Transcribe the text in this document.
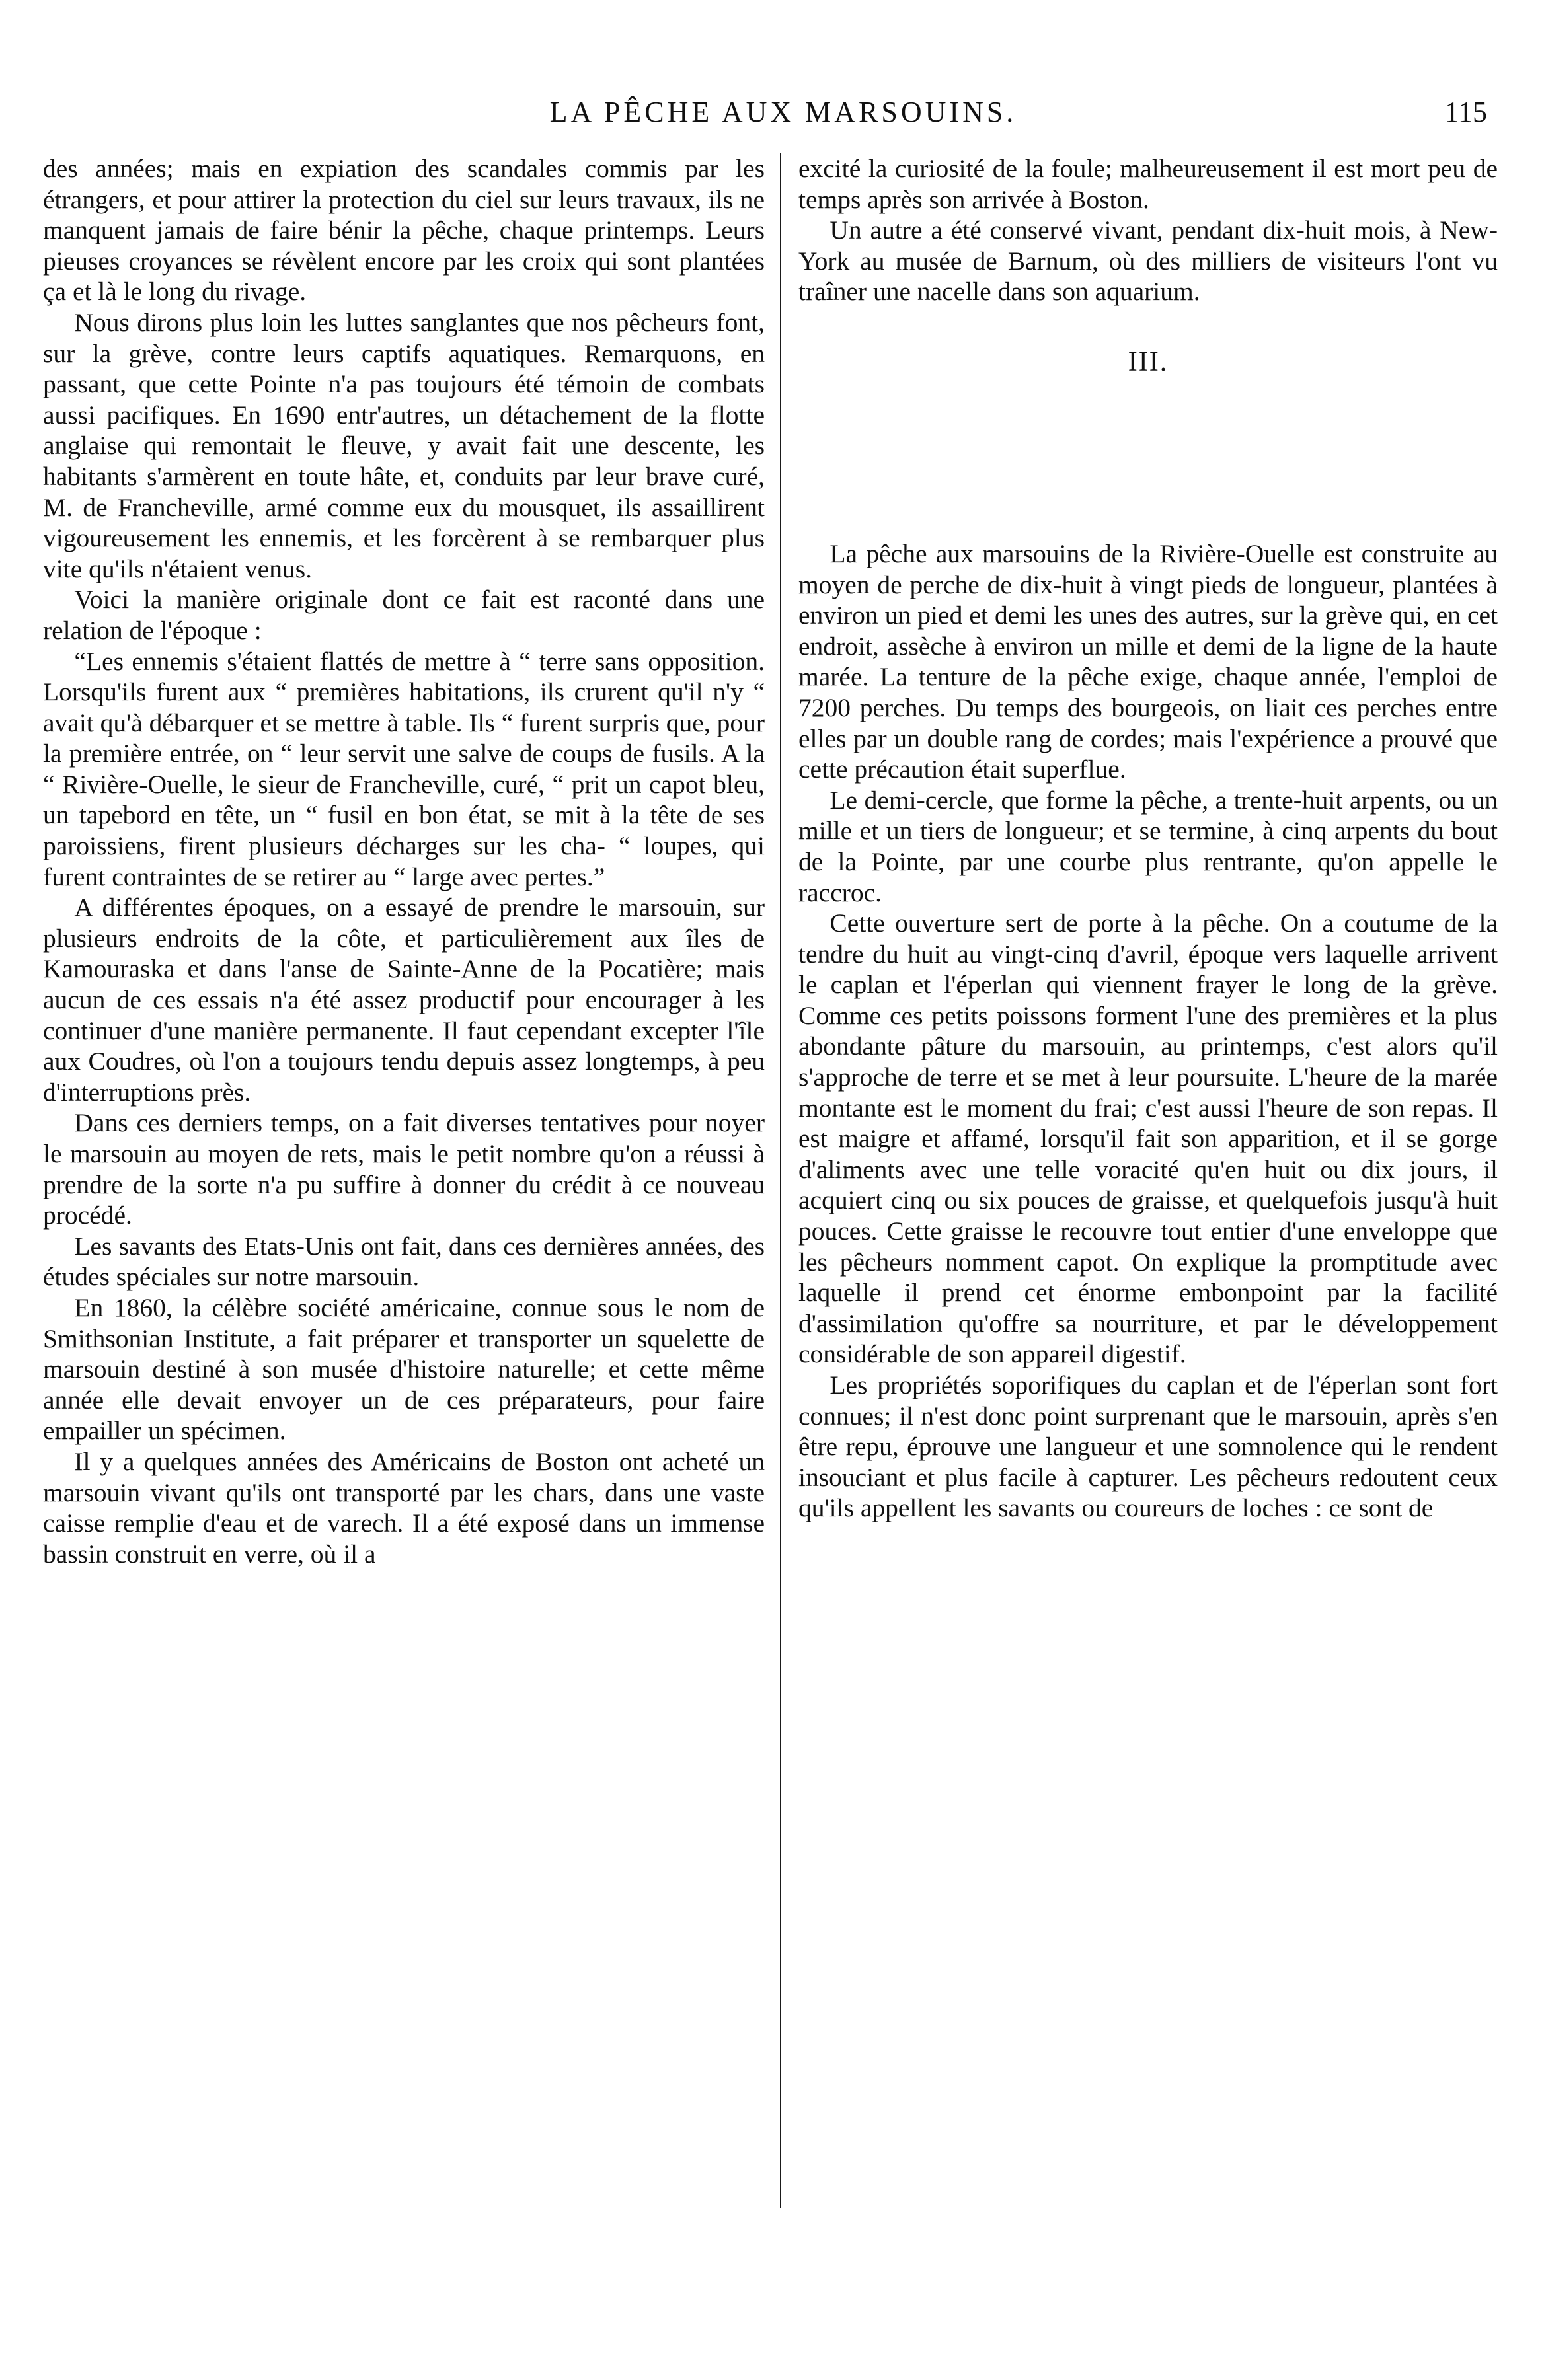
LA PÊCHE AUX MARSOUINS.	115

des années; mais en expiation des scandales commis par les étrangers, et pour attirer la protection du ciel sur leurs travaux, ils ne manquent jamais de faire bénir la pêche, chaque printemps. Leurs pieuses croyances se révèlent encore par les croix qui sont plantées ça et là le long du rivage.

Nous dirons plus loin les luttes sanglantes que nos pêcheurs font, sur la grève, contre leurs captifs aquatiques. Remarquons, en passant, que cette Pointe n'a pas toujours été témoin de combats aussi pacifiques. En 1690 entr'autres, un détachement de la flotte anglaise qui remontait le fleuve, y avait fait une descente, les habitants s'armèrent en toute hâte, et, conduits par leur brave curé, M. de Francheville, armé comme eux du mousquet, ils assaillirent vigoureusement les ennemis, et les forcèrent à se rembarquer plus vite qu'ils n'étaient venus.

Voici la manière originale dont ce fait est raconté dans une relation de l'époque :

“Les ennemis s'étaient flattés de mettre à “ terre sans opposition. Lorsqu'ils furent aux “ premières habitations, ils crurent qu'il n'y “ avait qu'à débarquer et se mettre à table. Ils “ furent surpris que, pour la première entrée, on “ leur servit une salve de coups de fusils. A la “ Rivière-Ouelle, le sieur de Francheville, curé, “ prit un capot bleu, un tapebord en tête, un “ fusil en bon état, se mit à la tête de ses paroissiens, firent plusieurs décharges sur les cha- “ loupes, qui furent contraintes de se retirer au “ large avec pertes.”

A différentes époques, on a essayé de prendre le marsouin, sur plusieurs endroits de la côte, et particulièrement aux îles de Kamouraska et dans l'anse de Sainte-Anne de la Pocatière; mais aucun de ces essais n'a été assez productif pour encourager à les continuer d'une manière permanente. Il faut cependant excepter l'île aux Coudres, où l'on a toujours tendu depuis assez longtemps, à peu d'interruptions près.

Dans ces derniers temps, on a fait diverses tentatives pour noyer le marsouin au moyen de rets, mais le petit nombre qu'on a réussi à prendre de la sorte n'a pu suffire à donner du crédit à ce nouveau procédé.

Les savants des Etats-Unis ont fait, dans ces dernières années, des études spéciales sur notre marsouin.

En 1860, la célèbre société américaine, connue sous le nom de Smithsonian Institute, a fait préparer et transporter un squelette de marsouin destiné à son musée d'histoire naturelle; et cette même année elle devait envoyer un de ces préparateurs, pour faire empailler un spécimen.

Il y a quelques années des Américains de Boston ont acheté un marsouin vivant qu'ils ont transporté par les chars, dans une vaste caisse remplie d'eau et de varech. Il a été exposé dans un immense bassin construit en verre, où il a

excité la curiosité de la foule; malheureusement il est mort peu de temps après son arrivée à Boston.

Un autre a été conservé vivant, pendant dix-huit mois, à New-York au musée de Barnum, où des milliers de visiteurs l'ont vu traîner une nacelle dans son aquarium.

III.

La pêche aux marsouins de la Rivière-Ouelle est construite au moyen de perche de dix-huit à vingt pieds de longueur, plantées à environ un pied et demi les unes des autres, sur la grève qui, en cet endroit, assèche à environ un mille et demi de la ligne de la haute marée. La tenture de la pêche exige, chaque année, l'emploi de 7200 perches. Du temps des bourgeois, on liait ces perches entre elles par un double rang de cordes; mais l'expérience a prouvé que cette précaution était superflue.

Le demi-cercle, que forme la pêche, a trente-huit arpents, ou un mille et un tiers de longueur; et se termine, à cinq arpents du bout de la Pointe, par une courbe plus rentrante, qu'on appelle le raccroc.

Cette ouverture sert de porte à la pêche. On a coutume de la tendre du huit au vingt-cinq d'avril, époque vers laquelle arrivent le caplan et l'éperlan qui viennent frayer le long de la grève. Comme ces petits poissons forment l'une des premières et la plus abondante pâture du marsouin, au printemps, c'est alors qu'il s'approche de terre et se met à leur poursuite. L'heure de la marée montante est le moment du frai; c'est aussi l'heure de son repas. Il est maigre et affamé, lorsqu'il fait son apparition, et il se gorge d'aliments avec une telle voracité qu'en huit ou dix jours, il acquiert cinq ou six pouces de graisse, et quelquefois jusqu'à huit pouces. Cette graisse le recouvre tout entier d'une enveloppe que les pêcheurs nomment capot. On explique la promptitude avec laquelle il prend cet énorme embonpoint par la facilité d'assimilation qu'offre sa nourriture, et par le développement considérable de son appareil digestif.

Les propriétés soporifiques du caplan et de l'éperlan sont fort connues; il n'est donc point surprenant que le marsouin, après s'en être repu, éprouve une langueur et une somnolence qui le rendent insouciant et plus facile à capturer. Les pêcheurs redoutent ceux qu'ils appellent les savants ou coureurs de loches : ce sont de
